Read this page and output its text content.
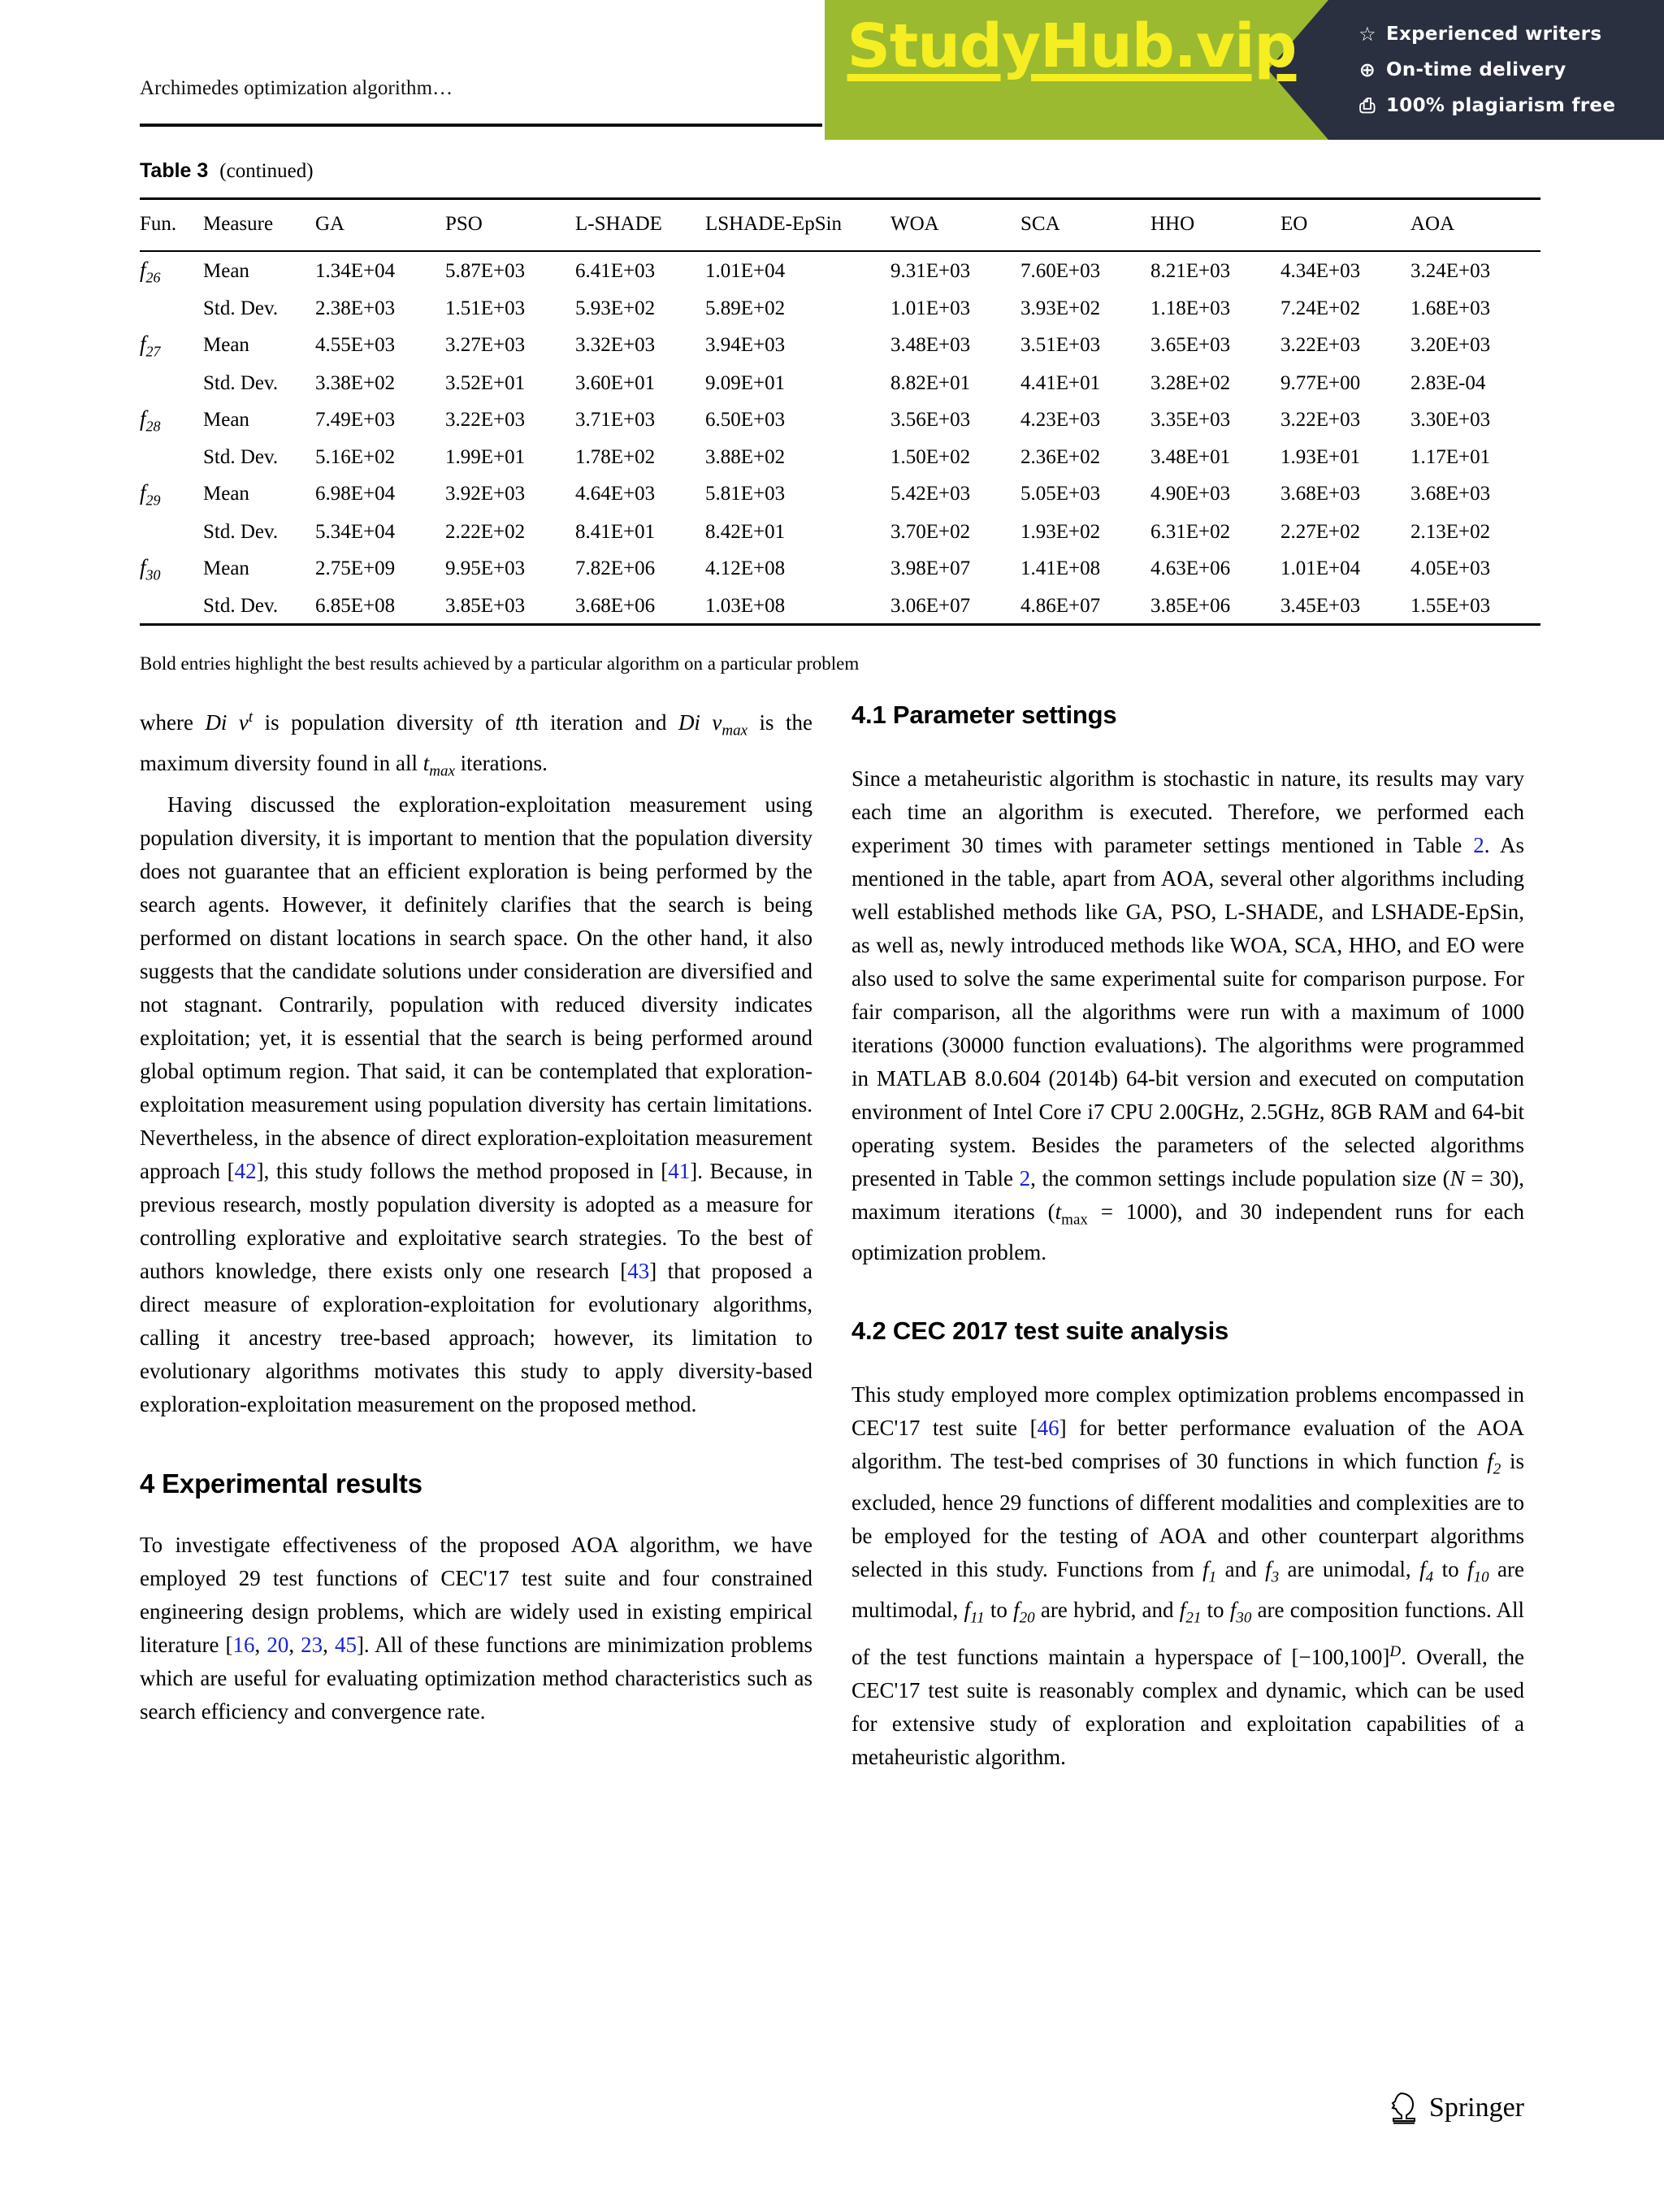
Archimedes optimization algorithm…
StudyHub.vip	☆ Experienced writers
⊕ On-time delivery
⎙ 100% plagiarism free
Table 3 (continued)
Fun.	Measure	GA	PSO	L-SHADE	LSHADE-EpSin	WOA	SCA	HHO	EO	AOA
$f_{26}$	Mean	1.34E+04	5.87E+03	6.41E+03	1.01E+04	9.31E+03	7.60E+03	8.21E+03	4.34E+03	3.24E+03
	Std. Dev.	2.38E+03	1.51E+03	5.93E+02	5.89E+02	1.01E+03	3.93E+02	1.18E+03	7.24E+02	1.68E+03
$f_{27}$	Mean	4.55E+03	3.27E+03	3.32E+03	3.94E+03	3.48E+03	3.51E+03	3.65E+03	3.22E+03	3.20E+03
	Std. Dev.	3.38E+02	3.52E+01	3.60E+01	9.09E+01	8.82E+01	4.41E+01	3.28E+02	9.77E+00	2.83E-04
$f_{28}$	Mean	7.49E+03	3.22E+03	3.71E+03	6.50E+03	3.56E+03	4.23E+03	3.35E+03	3.22E+03	3.30E+03
	Std. Dev.	5.16E+02	1.99E+01	1.78E+02	3.88E+02	1.50E+02	2.36E+02	3.48E+01	1.93E+01	1.17E+01
$f_{29}$	Mean	6.98E+04	3.92E+03	4.64E+03	5.81E+03	5.42E+03	5.05E+03	4.90E+03	3.68E+03	3.68E+03
	Std. Dev.	5.34E+04	2.22E+02	8.41E+01	8.42E+01	3.70E+02	1.93E+02	6.31E+02	2.27E+02	2.13E+02
$f_{30}$	Mean	2.75E+09	9.95E+03	7.82E+06	4.12E+08	3.98E+07	1.41E+08	4.63E+06	1.01E+04	4.05E+03
	Std. Dev.	6.85E+08	3.85E+03	3.68E+06	1.03E+08	3.06E+07	4.86E+07	3.85E+06	3.45E+03	1.55E+03

Bold entries highlight the best results achieved by a particular algorithm on a particular problem

where Di $v^t$ is population diversity of tth iteration and Di $v_{max}$ is the maximum diversity found in all $t_{max}$ iterations.

Having discussed the exploration-exploitation measurement using population diversity, it is important to mention that the population diversity does not guarantee that an efficient exploration is being performed by the search agents. However, it definitely clarifies that the search is being performed on distant locations in search space. On the other hand, it also suggests that the candidate solutions under consideration are diversified and not stagnant. Contrarily, population with reduced diversity indicates exploitation; yet, it is essential that the search is being performed around global optimum region. That said, it can be contemplated that exploration-exploitation measurement using population diversity has certain limitations. Nevertheless, in the absence of direct exploration-exploitation measurement approach [42], this study follows the method proposed in [41]. Because, in previous research, mostly population diversity is adopted as a measure for controlling explorative and exploitative search strategies. To the best of authors knowledge, there exists only one research [43] that proposed a direct measure of exploration-exploitation for evolutionary algorithms, calling it ancestry tree-based approach; however, its limitation to evolutionary algorithms motivates this study to apply diversity-based exploration-exploitation measurement on the proposed method.

4 Experimental results

To investigate effectiveness of the proposed AOA algorithm, we have employed 29 test functions of CEC'17 test suite and four constrained engineering design problems, which are widely used in existing empirical literature [16, 20, 23, 45]. All of these functions are minimization problems which are useful for evaluating optimization method characteristics such as search efficiency and convergence rate.

4.1 Parameter settings

Since a metaheuristic algorithm is stochastic in nature, its results may vary each time an algorithm is executed. Therefore, we performed each experiment 30 times with parameter settings mentioned in Table 2. As mentioned in the table, apart from AOA, several other algorithms including well established methods like GA, PSO, L-SHADE, and LSHADE-EpSin, as well as, newly introduced methods like WOA, SCA, HHO, and EO were also used to solve the same experimental suite for comparison purpose. For fair comparison, all the algorithms were run with a maximum of 1000 iterations (30000 function evaluations). The algorithms were programmed in MATLAB 8.0.604 (2014b) 64-bit version and executed on computation environment of Intel Core i7 CPU 2.00GHz, 2.5GHz, 8GB RAM and 64-bit operating system. Besides the parameters of the selected algorithms presented in Table 2, the common settings include population size (N = 30), maximum iterations $(t_{max} = 1000)$, and 30 independent runs for each optimization problem.

4.2 CEC 2017 test suite analysis

This study employed more complex optimization problems encompassed in CEC'17 test suite [46] for better performance evaluation of the AOA algorithm. The test-bed comprises of 30 functions in which function $f_2$ is excluded, hence 29 functions of different modalities and complexities are to be employed for the testing of AOA and other counterpart algorithms selected in this study. Functions from $f_1$ and $f_3$ are unimodal, $f_4$ to $f_{10}$ are multimodal, $f_{11}$ to $f_{20}$ are hybrid, and $f_{21}$ to $f_{30}$ are composition functions. All of the test functions maintain a hyperspace of $[-100,100]^D$. Overall, the CEC'17 test suite is reasonably complex and dynamic, which can be used for extensive study of exploration and exploitation capabilities of a metaheuristic algorithm.

Springer
